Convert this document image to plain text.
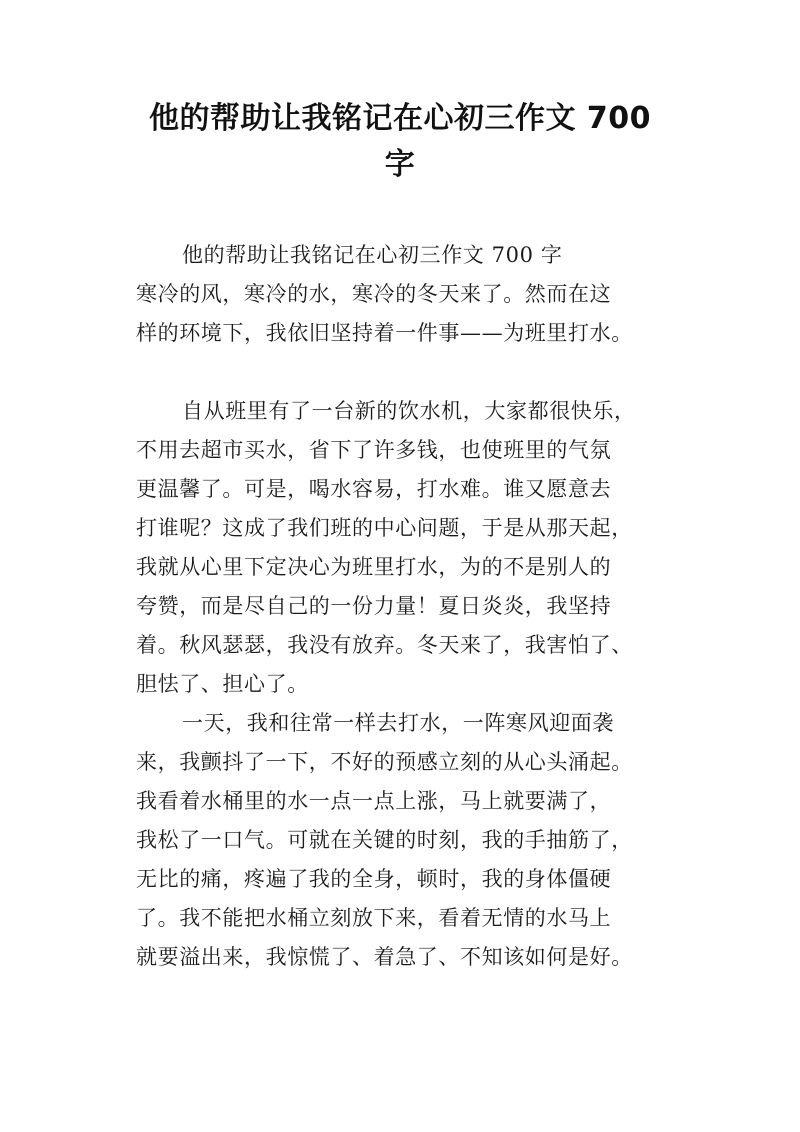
他的帮助让我铭记在心初三作文 700
字
他的帮助让我铭记在心初三作文 700 字
寒冷的风，寒冷的水，寒冷的冬天来了。然而在这
样的环境下，我依旧坚持着一件事——为班里打水。
自从班里有了一台新的饮水机，大家都很快乐，
不用去超市买水，省下了许多钱，也使班里的气氛
更温馨了。可是，喝水容易，打水难。谁又愿意去
打谁呢？这成了我们班的中心问题，于是从那天起，
我就从心里下定决心为班里打水，为的不是别人的
夸赞，而是尽自己的一份力量！夏日炎炎，我坚持
着。秋风瑟瑟，我没有放弃。冬天来了，我害怕了、
胆怯了、担心了。
一天，我和往常一样去打水，一阵寒风迎面袭
来，我颤抖了一下，不好的预感立刻的从心头涌起。
我看着水桶里的水一点一点上涨，马上就要满了，
我松了一口气。可就在关键的时刻，我的手抽筋了，
无比的痛，疼遍了我的全身，顿时，我的身体僵硬
了。我不能把水桶立刻放下来，看着无情的水马上
就要溢出来，我惊慌了、着急了、不知该如何是好。
